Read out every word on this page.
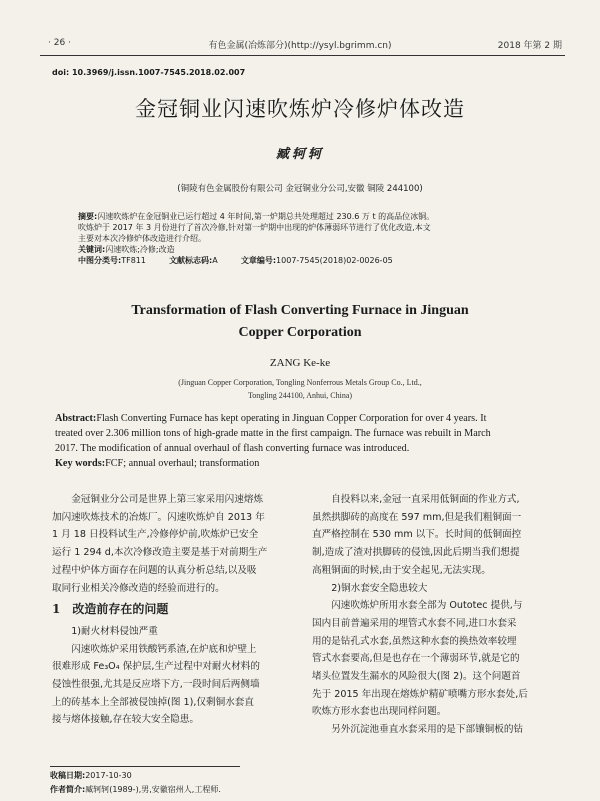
· 26 ·	有色金属(冶炼部分)(http://ysyl.bgrimm.cn)	2018 年第 2 期
doi: 10.3969/j.issn.1007-7545.2018.02.007
金冠铜业闪速吹炼炉冷修炉体改造
臧轲轲
(铜陵有色金属股份有限公司 金冠铜业分公司,安徽 铜陵 244100)
摘要:闪速吹炼炉在金冠铜业已运行超过 4 年时间,第一炉期总共处理超过 230.6 万 t 的高品位冰铜。
吹炼炉于 2017 年 3 月份进行了首次冷修,针对第一炉期中出现的炉体薄弱环节进行了优化改造,本文
主要对本次冷修炉体改造进行介绍。
关键词:闪速吹炼;冷修;改造
中图分类号:TF811	文献标志码:A	文章编号:1007-7545(2018)02-0026-05
Transformation of Flash Converting Furnace in Jinguan
Copper Corporation
ZANG Ke-ke
(Jinguan Copper Corporation, Tongling Nonferrous Metals Group Co., Ltd.,
Tongling 244100, Anhui, China)
Abstract:Flash Converting Furnace has kept operating in Jinguan Copper Corporation for over 4 years. It
treated over 2.306 million tons of high-grade matte in the first campaign. The furnace was rebuilt in March
2017. The modification of annual overhaul of flash converting furnace was introduced.
Key words:FCF; annual overhaul; transformation

金冠铜业分公司是世界上第三家采用闪速熔炼

加闪速吹炼技术的冶炼厂。闪速吹炼炉自 2013 年
1 月 18 日投料试生产,冷修停炉前,吹炼炉已安全
运行 1 294 d,本次冷修改造主要是基于对前期生产
过程中炉体方面存在问题的认真分析总结,以及吸
取同行业相关冷修改造的经验而进行的。
1 改造前存在的问题

1)耐火材料侵蚀严重

闪速吹炼炉采用铁酸钙系渣,在炉底和炉壁上

很难形成 Fe₃O₄ 保护层,生产过程中对耐火材料的
侵蚀性很强,尤其是反应塔下方,一段时间后两侧墙
上的砖基本上全部被侵蚀掉(图 1),仅剩铜水套直
接与熔体接触,存在较大安全隐患。

自投料以来,金冠一直采用低铜面的作业方式,

虽然拱脚砖的高度在 597 mm,但是我们粗铜面一
直严格控制在 530 mm 以下。长时间的低铜面控
制,造成了渣对拱脚砖的侵蚀,因此后期当我们想提
高粗铜面的时候,由于安全起见,无法实现。

2)铜水套安全隐患较大

闪速吹炼炉所用水套全部为 Outotec 提供,与

国内目前普遍采用的埋管式水套不同,进口水套采
用的是钻孔式水套,虽然这种水套的换热效率较埋
管式水套要高,但是也存在一个薄弱环节,就是它的
堵头位置发生漏水的风险很大(图 2)。这个问题首
先于 2015 年出现在熔炼炉精矿喷嘴方形水套处,后
吹炼方形水套也出现同样问题。

另外沉淀池垂直水套采用的是下部镶铜板的钻

收稿日期:2017-10-30
作者简介:臧轲轲(1989-),男,安徽宿州人,工程师.
